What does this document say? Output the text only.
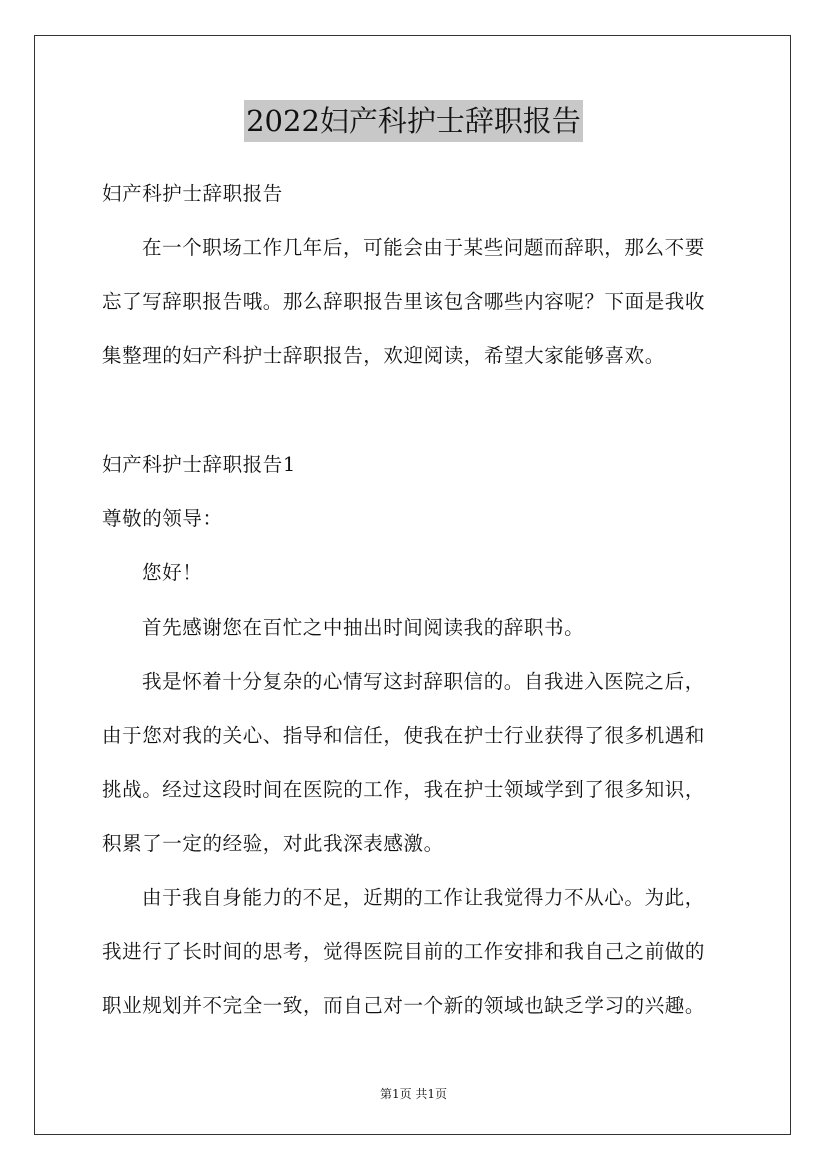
2022妇产科护士辞职报告
妇产科护士辞职报告
在一个职场工作几年后，可能会由于某些问题而辞职，那么不要
忘了写辞职报告哦。那么辞职报告里该包含哪些内容呢？下面是我收
集整理的妇产科护士辞职报告，欢迎阅读，希望大家能够喜欢。
妇产科护士辞职报告1
尊敬的领导：
您好！
首先感谢您在百忙之中抽出时间阅读我的辞职书。
我是怀着十分复杂的心情写这封辞职信的。自我进入医院之后，
由于您对我的关心、指导和信任，使我在护士行业获得了很多机遇和
挑战。经过这段时间在医院的工作，我在护士领域学到了很多知识，
积累了一定的经验，对此我深表感激。
由于我自身能力的不足，近期的工作让我觉得力不从心。为此，
我进行了长时间的思考，觉得医院目前的工作安排和我自己之前做的
职业规划并不完全一致，而自己对一个新的领域也缺乏学习的兴趣。
第1页 共1页
